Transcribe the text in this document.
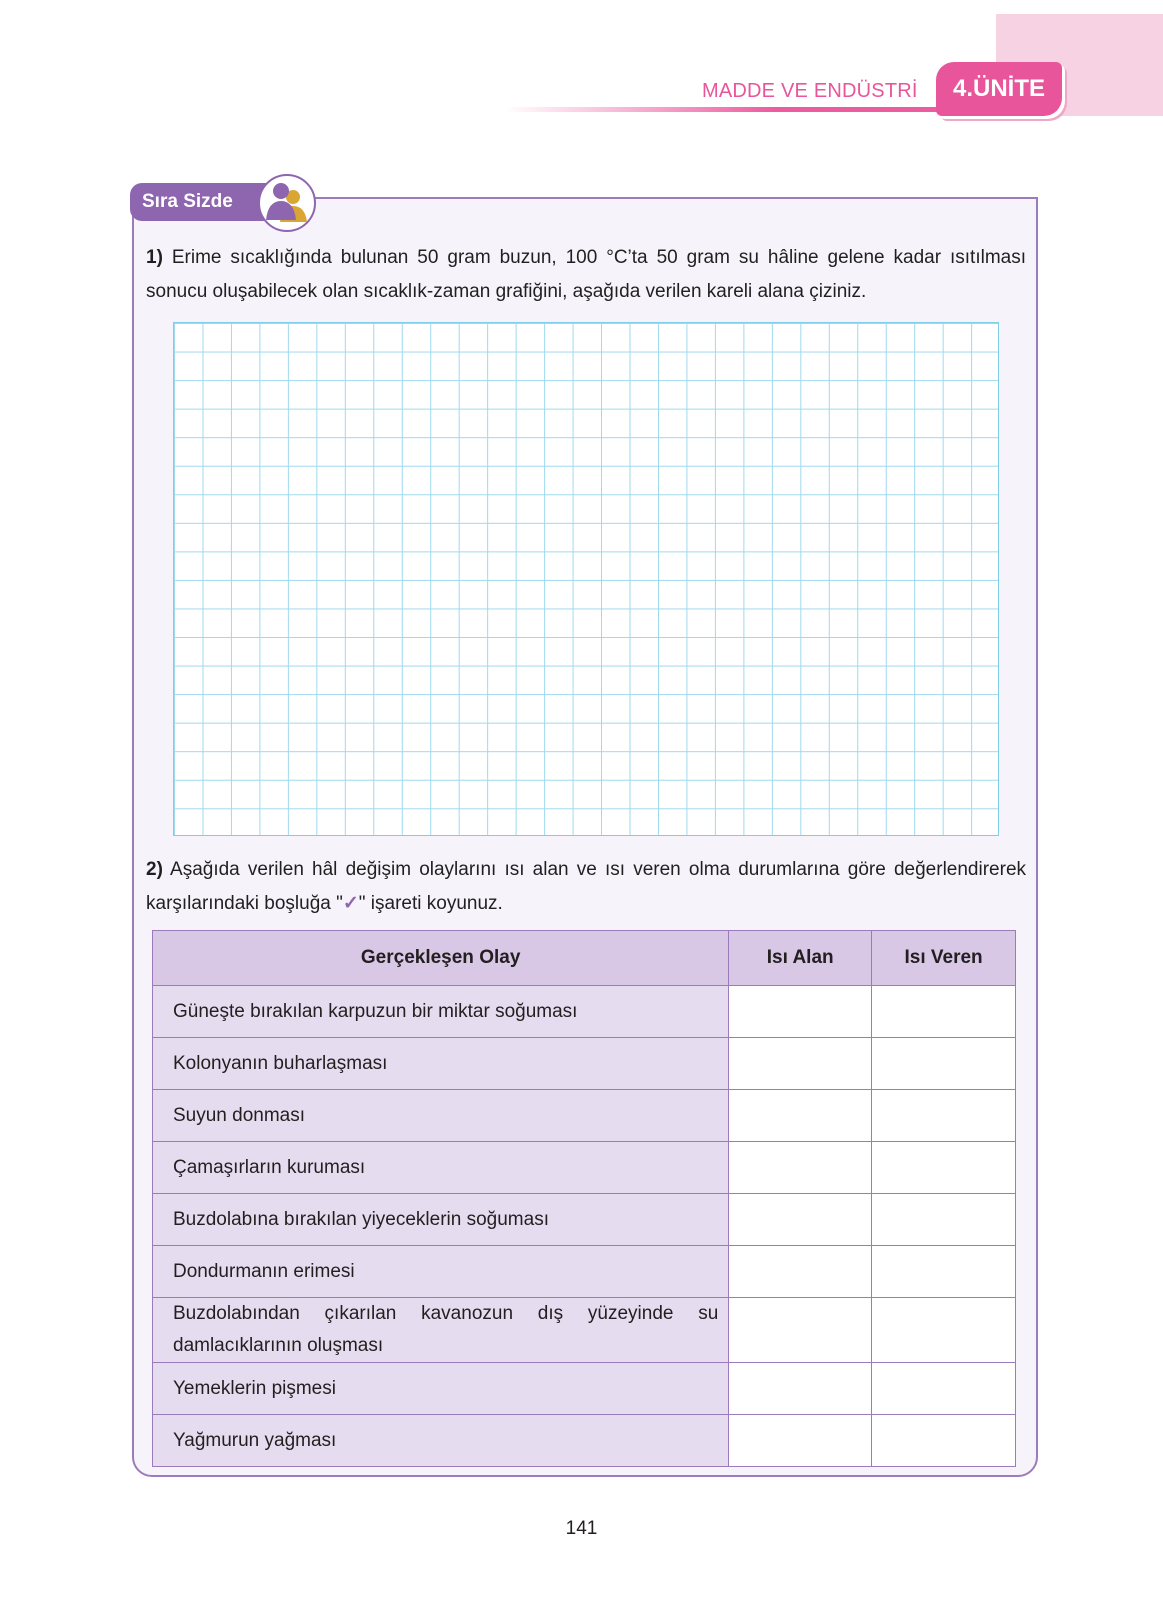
MADDE VE ENDÜSTRİ	4.ÜNİTE
Sıra Sizde
1) Erime sıcaklığında bulunan 50 gram buzun, 100 °C’ta 50 gram su hâline gelene kadar ısıtılması sonucu oluşabilecek olan sıcaklık-zaman grafiğini, aşağıda verilen kareli alana çiziniz.
2) Aşağıda verilen hâl değişim olaylarını ısı alan ve ısı veren olma durumlarına göre değerlendirerek karşılarındaki boşluğa "✓" işareti koyunuz.
Gerçekleşen Olay	Isı Alan	Isı Veren
Güneşte bırakılan karpuzun bir miktar soğuması		
Kolonyanın buharlaşması		
Suyun donması		
Çamaşırların kuruması		
Buzdolabına bırakılan yiyeceklerin soğuması		
Dondurmanın erimesi		
Buzdolabından çıkarılan kavanozun dış yüzeyinde su damlacıklarının oluşması		
Yemeklerin pişmesi		
Yağmurun yağması		
141
